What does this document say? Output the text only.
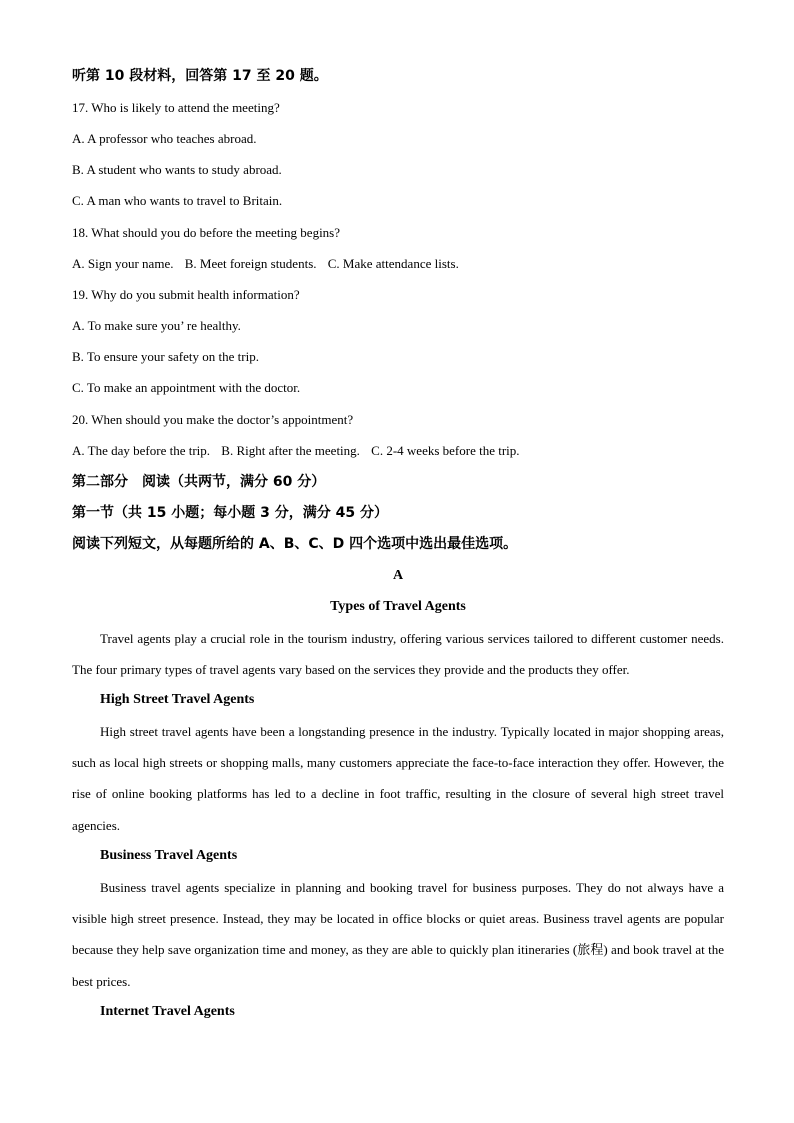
听第 10 段材料，回答第 17 至 20 题。
17. Who is likely to attend the meeting?
A. A professor who teaches abroad.
B. A student who wants to study abroad.
C. A man who wants to travel to Britain.
18. What should you do before the meeting begins?
A. Sign your name. B. Meet foreign students. C. Make attendance lists.
19. Why do you submit health information?
A. To make sure you’ re healthy.
B. To ensure your safety on the trip.
C. To make an appointment with the doctor.
20. When should you make the doctor’s appointment?
A. The day before the trip. B. Right after the meeting. C. 2-4 weeks before the trip.
第二部分　阅读（共两节，满分 60 分）
第一节（共 15 小题；每小题 3 分，满分 45 分）
阅读下列短文，从每题所给的 A、B、C、D 四个选项中选出最佳选项。
A
Types of Travel Agents
Travel agents play a crucial role in the tourism industry, offering various services tailored to different customer needs. The four primary types of travel agents vary based on the services they provide and the products they offer.
High Street Travel Agents
High street travel agents have been a longstanding presence in the industry. Typically located in major shopping areas, such as local high streets or shopping malls, many customers appreciate the face-to-face interaction they offer. However, the rise of online booking platforms has led to a decline in foot traffic, resulting in the closure of several high street travel agencies.
Business Travel Agents
Business travel agents specialize in planning and booking travel for business purposes. They do not always have a visible high street presence. Instead, they may be located in office blocks or quiet areas. Business travel agents are popular because they help save organization time and money, as they are able to quickly plan itineraries (旅程) and book travel at the best prices.
Internet Travel Agents
